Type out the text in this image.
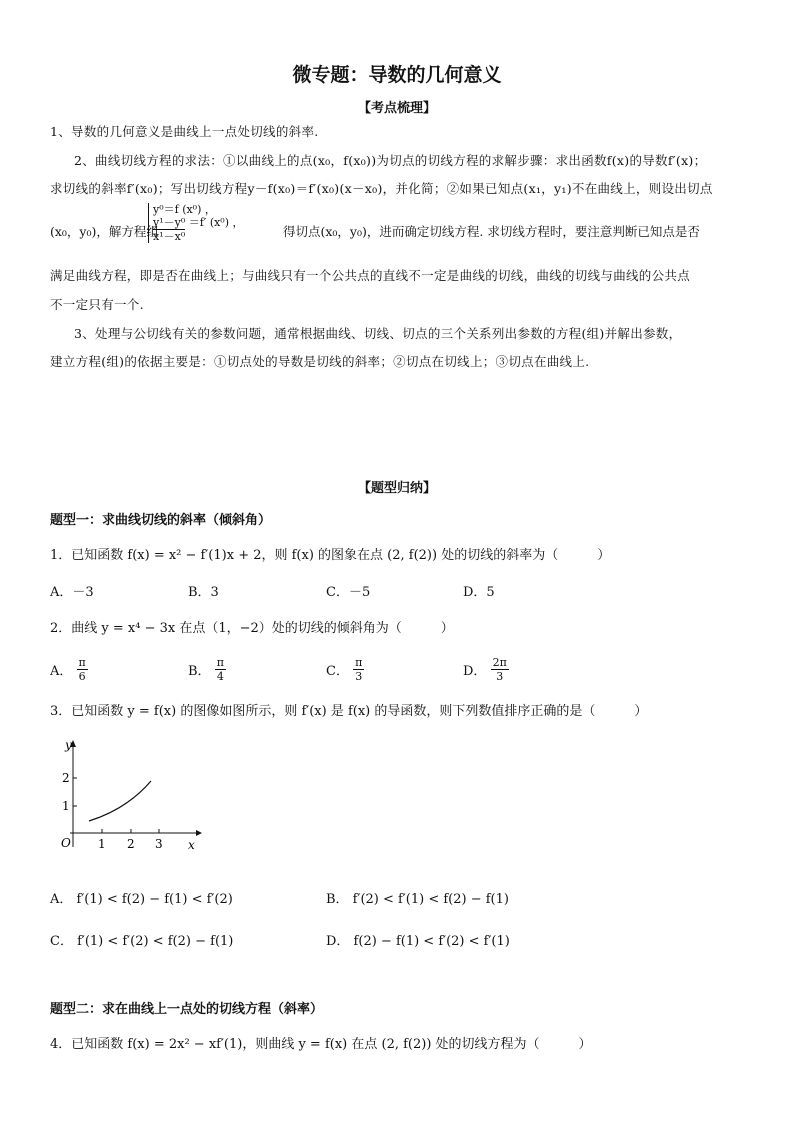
微专题：导数的几何意义
【考点梳理】
1、导数的几何意义是曲线上一点处切线的斜率.
2、曲线切线方程的求法：①以曲线上的点(x₀，f(x₀))为切点的切线方程的求解步骤：求出函数f(x)的导数f′(x)；
求切线的斜率f′(x₀)；写出切线方程y－f(x₀)＝f′(x₀)(x－x₀)，并化简；②如果已知点(x₁，y₁)不在曲线上，则设出切点
(x₀，y₀)，解方程组
y⁰＝f (x⁰) ，
y¹－y⁰ ＝f′ (x⁰) ，
x¹－x⁰	得切点(x₀，y₀)，进而确定切线方程. 求切线方程时，要注意判断已知点是否
满足曲线方程，即是否在曲线上；与曲线只有一个公共点的直线不一定是曲线的切线，曲线的切线与曲线的公共点
不一定只有一个.
3、处理与公切线有关的参数问题，通常根据曲线、切线、切点的三个关系列出参数的方程(组)并解出参数，
建立方程(组)的依据主要是：①切点处的导数是切线的斜率；②切点在切线上；③切点在曲线上.
【题型归纳】
题型一：求曲线切线的斜率（倾斜角）
1．已知函数 f(x) = x² − f′(1)x + 2，则 f(x) 的图象在点 (2, f(2)) 处的切线的斜率为（　　　）
A．－3	B．3	C．－5	D．5
2．曲线 y = x⁴ − 3x 在点（1，−2）处的切线的倾斜角为（　　　）
A． $\frac{\pi}{6}$	B． $\frac{\pi}{4}$	C． $\frac{\pi}{3}$	D． $\frac{2\pi}{3}$
3．已知函数 y = f(x) 的图像如图所示，则 f′(x) 是 f(x) 的导函数，则下列数值排序正确的是（　　　）
y
x
O
2
1
1 2 3
A． f′(1) < f(2) − f(1) < f′(2)	B． f′(2) < f′(1) < f(2) − f(1)
C． f′(1) < f′(2) < f(2) − f(1)	D． f(2) − f(1) < f′(2) < f′(1)
题型二：求在曲线上一点处的切线方程（斜率）
4．已知函数 f(x) = 2x² − xf′(1)，则曲线 y = f(x) 在点 (2, f(2)) 处的切线方程为（　　　）
